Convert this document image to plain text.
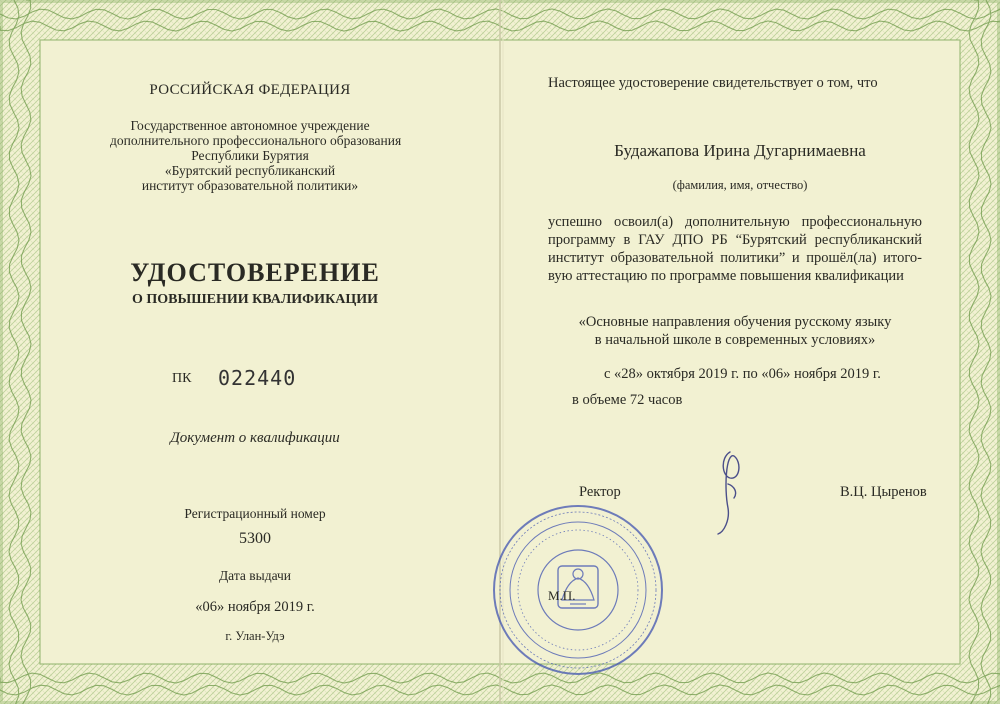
РОССИЙСКАЯ ФЕДЕРАЦИЯ
Государственное автономное учреждение
дополнительного профессионального образования
Республики Бурятия
«Бурятский республиканский
институт образовательной политики»
УДОСТОВЕРЕНИЕ
О ПОВЫШЕНИИ КВАЛИФИКАЦИИ
ПК 022440
Документ о квалификации
Регистрационный номер
5300
Дата выдачи
«06» ноября 2019 г.
г. Улан-Удэ
Настоящее удостоверение свидетельствует о том, что
Будажапова Ирина Дугарнимаевна
(фамилия, имя, отчество)
успешно освоил(а) дополнительную профессиональную
программу в ГАУ ДПО РБ “Бурятский республиканский
институт образовательной политики” и прошёл(ла) итого-
вую аттестацию по программе повышения квалификации
«Основные направления обучения русскому языку
в начальной школе в современных условиях»
с «28» октября 2019 г. по «06» ноября 2019 г.
в объеме 72 часов
Ректор	В.Ц. Цыренов
М.П.
